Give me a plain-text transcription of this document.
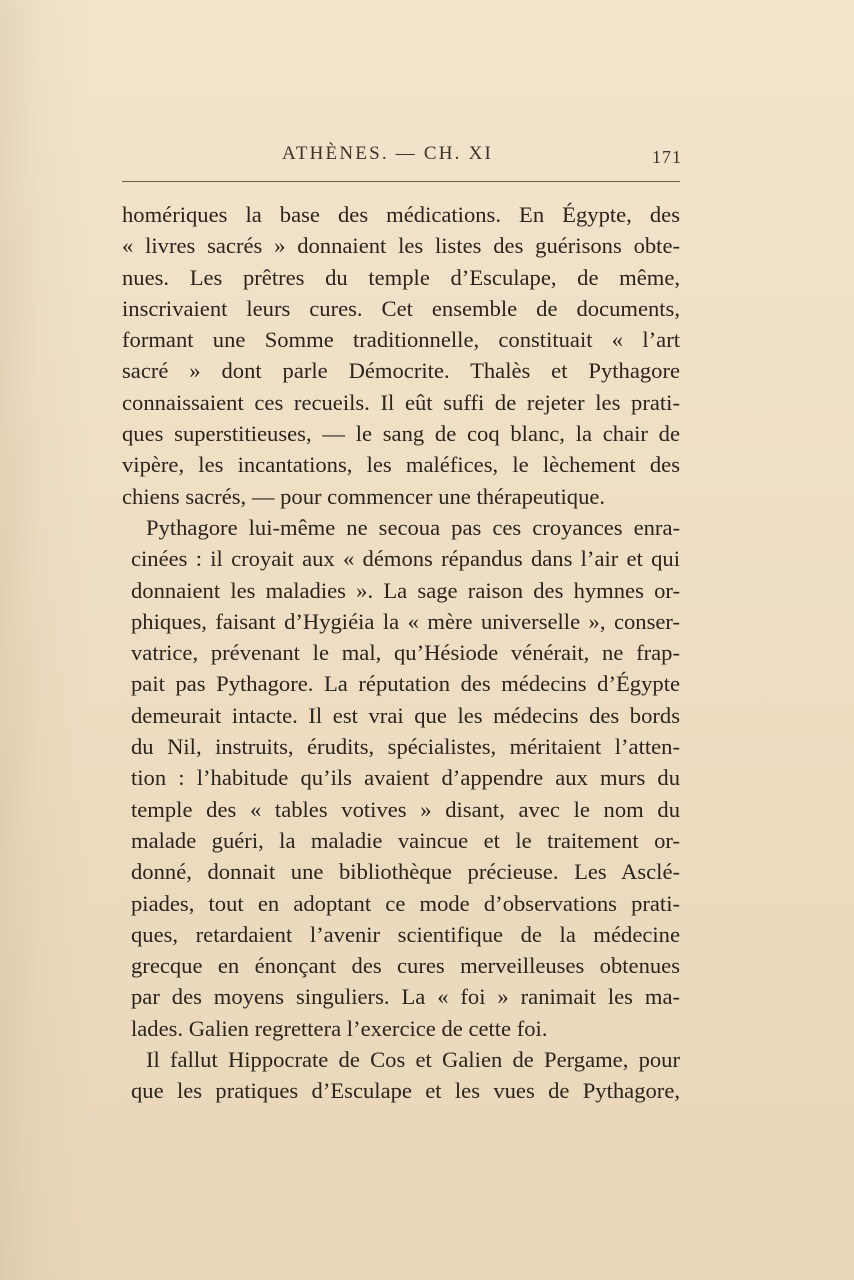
ATHÈNES. — CH. XI	171
homériques la base des médications. En Égypte, des
« livres sacrés » donnaient les listes des guérisons obte-
nues. Les prêtres du temple d’Esculape, de même,
inscrivaient leurs cures. Cet ensemble de documents,
formant une Somme traditionnelle, constituait « l’art
sacré » dont parle Démocrite. Thalès et Pythagore
connaissaient ces recueils. Il eût suffi de rejeter les prati-
ques superstitieuses, — le sang de coq blanc, la chair de
vipère, les incantations, les maléfices, le lèchement des
chiens sacrés, — pour commencer une thérapeutique.
Pythagore lui-même ne secoua pas ces croyances enra-
cinées : il croyait aux « démons répandus dans l’air et qui
donnaient les maladies ». La sage raison des hymnes or-
phiques, faisant d’Hygiéia la « mère universelle », conser-
vatrice, prévenant le mal, qu’Hésiode vénérait, ne frap-
pait pas Pythagore. La réputation des médecins d’Égypte
demeurait intacte. Il est vrai que les médecins des bords
du Nil, instruits, érudits, spécialistes, méritaient l’atten-
tion : l’habitude qu’ils avaient d’appendre aux murs du
temple des « tables votives » disant, avec le nom du
malade guéri, la maladie vaincue et le traitement or-
donné, donnait une bibliothèque précieuse. Les Asclé-
piades, tout en adoptant ce mode d’observations prati-
ques, retardaient l’avenir scientifique de la médecine
grecque en énonçant des cures merveilleuses obtenues
par des moyens singuliers. La « foi » ranimait les ma-
lades. Galien regrettera l’exercice de cette foi.
Il fallut Hippocrate de Cos et Galien de Pergame, pour
que les pratiques d’Esculape et les vues de Pythagore,
